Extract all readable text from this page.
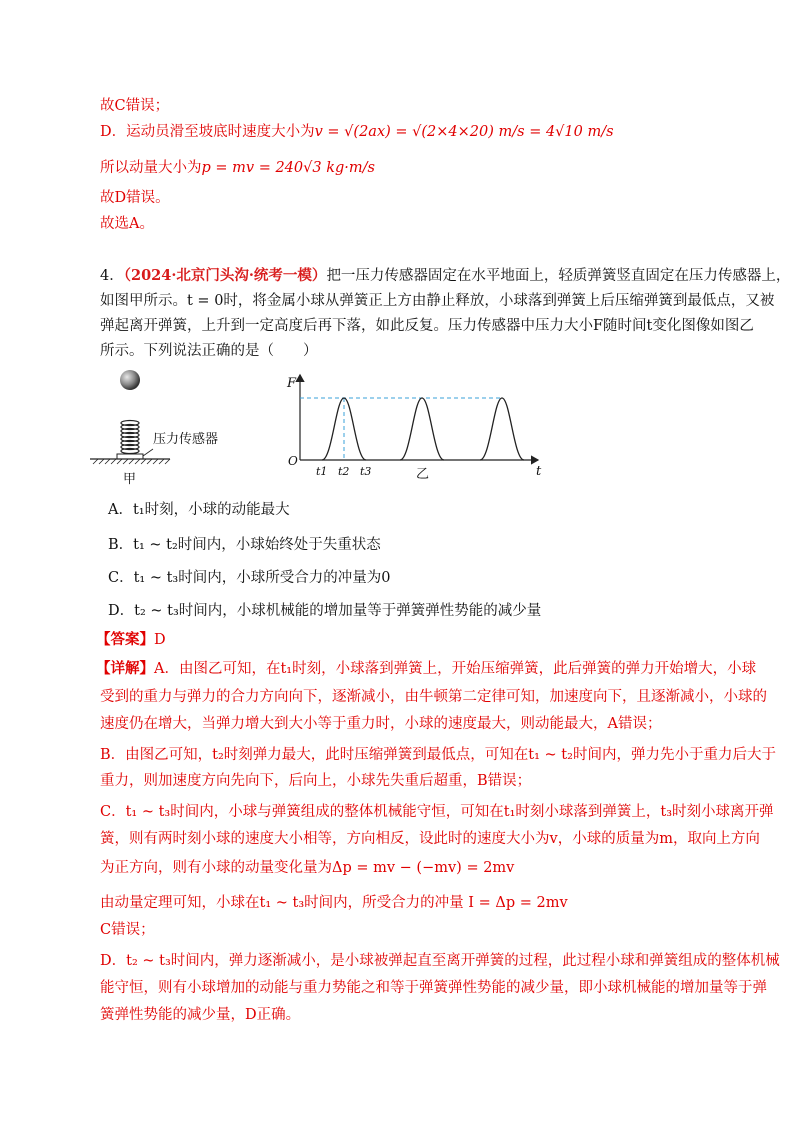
故C错误；
D．运动员滑至坡底时速度大小为v = √(2ax) = √(2×4×20) m/s = 4√10 m/s
所以动量大小为p = mv = 240√3 kg·m/s
故D错误。
故选A。
4．（2024·北京门头沟·统考一模）把一压力传感器固定在水平地面上，轻质弹簧竖直固定在压力传感器上，
如图甲所示。t = 0时，将金属小球从弹簧正上方由静止释放，小球落到弹簧上后压缩弹簧到最低点，又被
弹起离开弹簧，上升到一定高度后再下落，如此反复。压力传感器中压力大小F随时间t变化图像如图乙
所示。下列说法正确的是（　　）
压力传感器
甲
F
t
O
t1 t2 t3	乙
A．t₁时刻，小球的动能最大
B．t₁ ~ t₂时间内，小球始终处于失重状态
C．t₁ ~ t₃时间内，小球所受合力的冲量为0
D．t₂ ~ t₃时间内，小球机械能的增加量等于弹簧弹性势能的减少量
【答案】D
【详解】A．由图乙可知，在t₁时刻，小球落到弹簧上，开始压缩弹簧，此后弹簧的弹力开始增大，小球
受到的重力与弹力的合力方向向下，逐渐减小，由牛顿第二定律可知，加速度向下，且逐渐减小，小球的
速度仍在增大，当弹力增大到大小等于重力时，小球的速度最大，则动能最大，A错误；
B．由图乙可知，t₂时刻弹力最大，此时压缩弹簧到最低点，可知在t₁ ~ t₂时间内，弹力先小于重力后大于
重力，则加速度方向先向下，后向上，小球先失重后超重，B错误；
C．t₁ ~ t₃时间内，小球与弹簧组成的整体机械能守恒，可知在t₁时刻小球落到弹簧上，t₃时刻小球离开弹
簧，则有两时刻小球的速度大小相等，方向相反，设此时的速度大小为v，小球的质量为m，取向上方向
为正方向，则有小球的动量变化量为Δp = mv − (−mv) = 2mv
由动量定理可知，小球在t₁ ~ t₃时间内，所受合力的冲量 I = Δp = 2mv
C错误；
D．t₂ ~ t₃时间内，弹力逐渐减小，是小球被弹起直至离开弹簧的过程，此过程小球和弹簧组成的整体机械
能守恒，则有小球增加的动能与重力势能之和等于弹簧弹性势能的减少量，即小球机械能的增加量等于弹
簧弹性势能的减少量，D正确。
